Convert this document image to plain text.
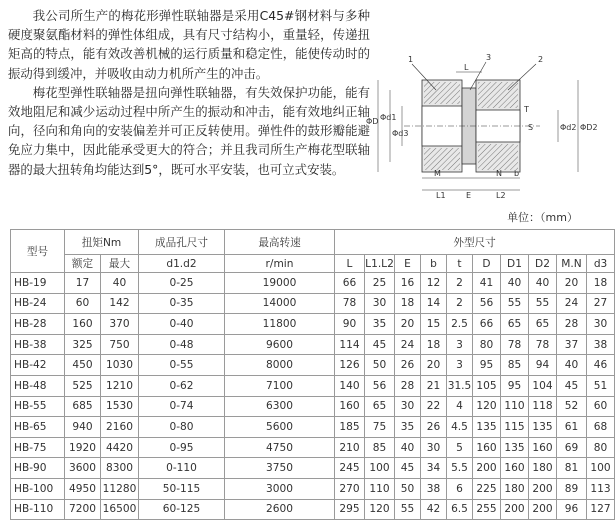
我公司所生产的梅花形弹性联轴器是采用C45#钢材料与多种硬度聚氨酯材料的弹性体组成，具有尺寸结构小，重量轻，传递扭矩高的特点，能有效改善机械的运行质量和稳定性，能使传动时的振动得到缓冲，并吸收由动力机所产生的冲击。

梅花型弹性联轴器是扭向弹性联轴器，有失效保护功能，能有效地阻尼和减少运动过程中所产生的振动和冲击，能有效地纠正轴向，径向和角向的安装偏差并可正反转使用。弹性件的鼓形瓣能避免应力集中，因此能承受更大的符合；并且我司所生产梅花型联轴器的最大扭转角均能达到5°，既可水平安装，也可立式安装。

1	2
3
L
ΦD Φd1
Φd3
T
S	Φd2 ΦD2
M	N b
L1	E	L2
单位：（mm）
型号	扭矩Nm		成品孔尺寸	最高转速	外型尺寸									
	额定	最大	d1.d2	r/min	L	L1.L2	E	b	t	D	D1	D2	M.N	d3
HB-19	17	40	0-25	19000	66	25	16	12	2	41	40	40	20	18
HB-24	60	142	0-35	14000	78	30	18	14	2	56	55	55	24	27
HB-28	160	370	0-40	11800	90	35	20	15	2.5	66	65	65	28	30
HB-38	325	750	0-48	9600	114	45	24	18	3	80	78	78	37	38
HB-42	450	1030	0-55	8000	126	50	26	20	3	95	85	94	40	46
HB-48	525	1210	0-62	7100	140	56	28	21	31.5	105	95	104	45	51
HB-55	685	1530	0-74	6300	160	65	30	22	4	120	110	118	52	60
HB-65	940	2160	0-80	5600	185	75	35	26	4.5	135	115	135	61	68
HB-75	1920	4420	0-95	4750	210	85	40	30	5	160	135	160	69	80
HB-90	3600	8300	0-110	3750	245	100	45	34	5.5	200	160	180	81	100
HB-100	4950	11280	50-115	3000	270	110	50	38	6	225	180	200	89	113
HB-110	7200	16500	60-125	2600	295	120	55	42	6.5	255	200	200	96	127
